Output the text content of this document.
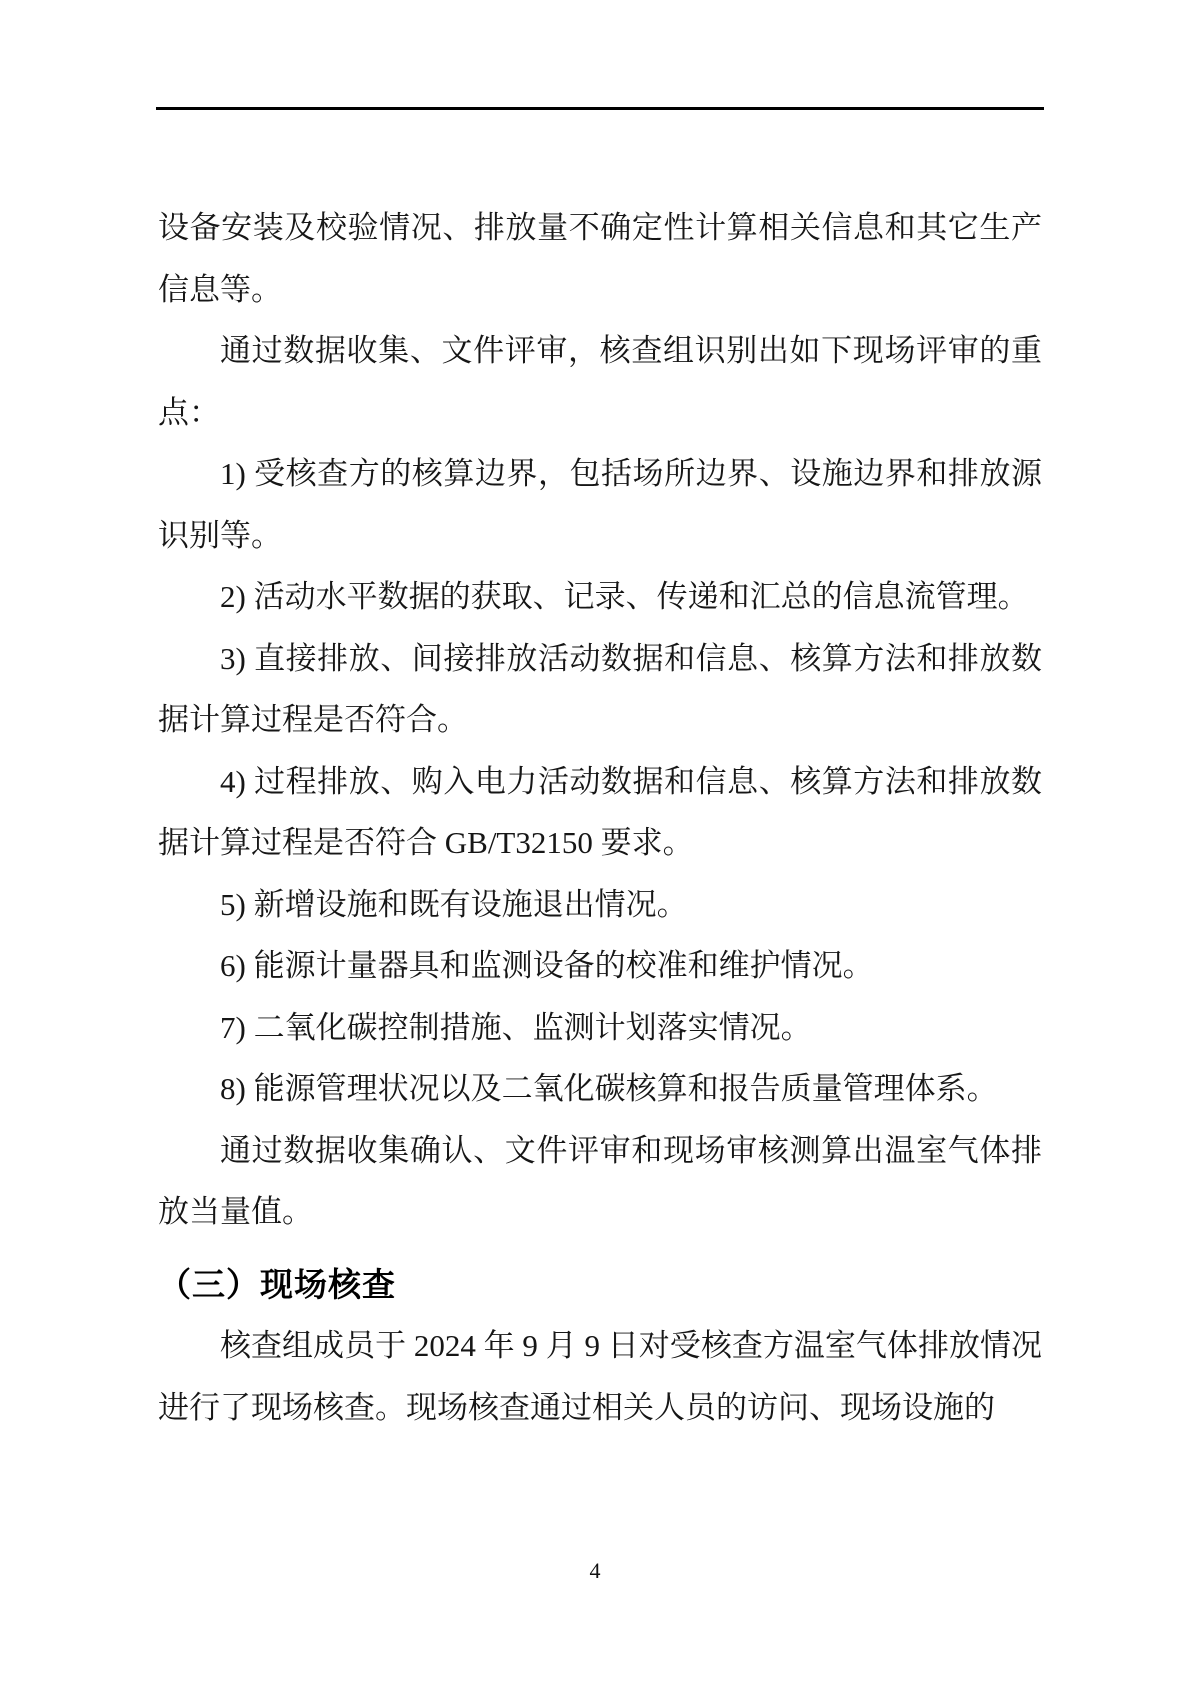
设备安装及校验情况、排放量不确定性计算相关信息和其它生产信息等。

通过数据收集、文件评审，核查组识别出如下现场评审的重点：

1) 受核查方的核算边界，包括场所边界、设施边界和排放源识别等。

2) 活动水平数据的获取、记录、传递和汇总的信息流管理。

3) 直接排放、间接排放活动数据和信息、核算方法和排放数据计算过程是否符合。

4) 过程排放、购入电力活动数据和信息、核算方法和排放数据计算过程是否符合 GB/T32150 要求。

5) 新增设施和既有设施退出情况。

6) 能源计量器具和监测设备的校准和维护情况。

7) 二氧化碳控制措施、监测计划落实情况。

8) 能源管理状况以及二氧化碳核算和报告质量管理体系。

通过数据收集确认、文件评审和现场审核测算出温室气体排放当量值。

（三）现场核查

核查组成员于 2024 年 9 月 9 日对受核查方温室气体排放情况进行了现场核查。现场核查通过相关人员的访问、现场设施的

4
